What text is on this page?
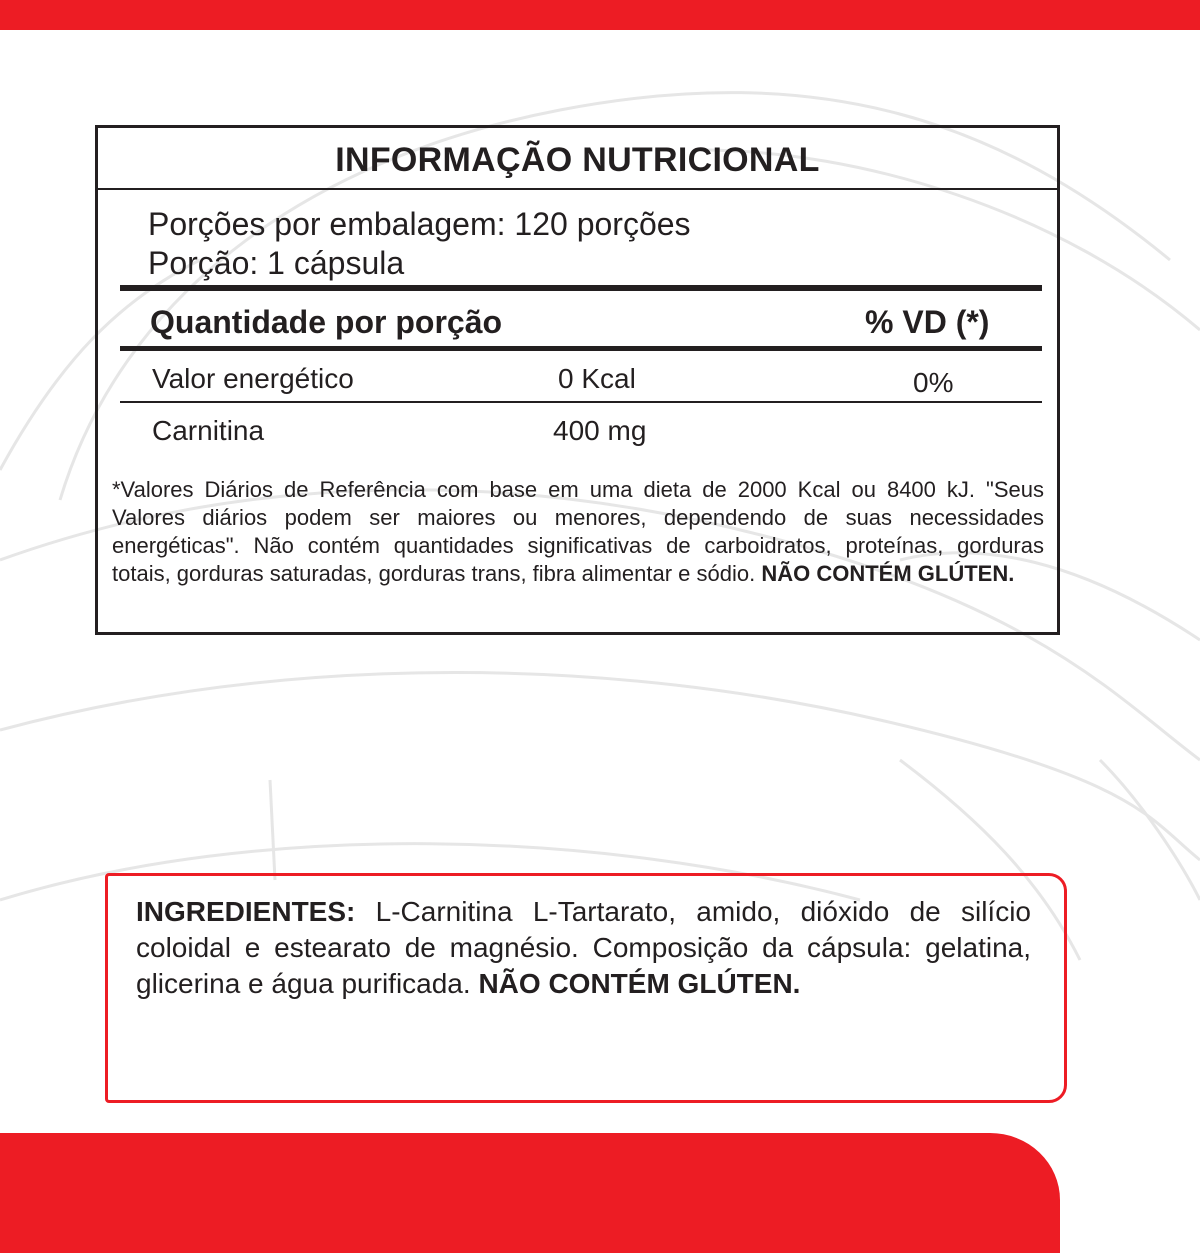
INFORMAÇÃO NUTRICIONAL
Porções por embalagem: 120 porções
Porção: 1 cápsula
Quantidade por porção	% VD (*)
Valor energético	0 Kcal	0%
Carnitina	400 mg
*Valores Diários de Referência com base em uma dieta de 2000 Kcal ou 8400 kJ. "Seus Valores diários podem ser maiores ou menores, dependendo de suas necessidades energéticas". Não contém quantidades significativas de carboidratos, proteínas, gorduras totais, gorduras saturadas, gorduras trans, fibra alimentar e sódio. NÃO CONTÉM GLÚTEN.
INGREDIENTES: L-Carnitina L-Tartarato, amido, dióxido de silício coloidal e estearato de magnésio. Composição da cápsula: gelatina, glicerina e água purificada. NÃO CONTÉM GLÚTEN.
